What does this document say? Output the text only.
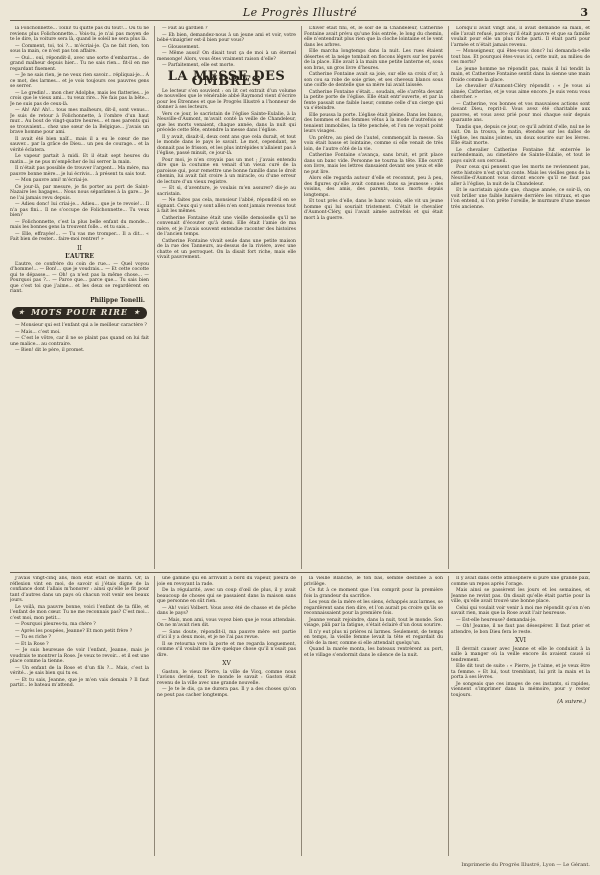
Le Progrès Illustré	3

la Folichonnette... Toini! tu quitte pas du tout!... Ou tu ne reviens plus Folichonnette... Vois-tu, je n’ai pas moyen de te le dire, la voiture sera là, quand le soleil ne sera plus là.

— Comment, toi, toi ?... m’écriai-je. Ça ne fait rien, ton sous la main, ce n’est pas ton affaire.

— Oui... oui, répondit-il, avec une sorte d’embarras... de grand malheur depuis hier... Tu ne sais rien... fit-il en me regardant fixement.

— Je ne sais rien, je ne veux rien savoir... répliquai-je... À ce mot, des larmes... et je vois toujours ces pauvres gens se serrer.

— Le gredin!... mon cher Adolphe, mais les flatteries... je crois que le vieux ami... tu veux rire... Ne fais pas la bête... Je ne suis pas de ceux-là.

— Ah! Ah! Ah!... tous mes malheurs, dit-il, sont venus... Je suis de retour à Folichonnette, à l’ombre d’un haut mur... Au bout de vingt-quatre heures... et mes parents qui se trouvaient... chez une sœur de la Belgique... j’avais un brave homme pour ami.

Il avait été bien naïf... mais il a eu le cœur de me sauver... par la grâce de Dieu... un peu de courage... et la vérité éclatera.

Le vapeur partait à midi. Et il était sept heures du matin... je ne pus m’empêcher de lui serrer la main.

Il n’était pas possible de trouver l’argent... Ma mère, ma pauvre bonne mère... je lui écrivis... à présent tu sais tout.

— Mon pauvre ami! m’écriai-je.

Ce jour-là, par mesure, je fis porter au port de Saint-Nazaire les bagages... Nous nous séparâmes à la gare... Je ne l’ai jamais revu depuis.

— Adieu donc! lui criai-je... Adieu... que je te revoie!... Il n’a pas fini... Il ne s’occupe de Folichonnette... Tu veux bien?

— Folichonnette, c’est la plus belle enfant du monde... mais les bonnes gens la trouvent folle... et tu sais...

— Elle, effrayée!... — Tu vas me tromper... Il a dit... « Fait bien de rester... faire-moi rentrer! »

II
L’AUTRE

L’autre, ce confrère du coin de rue... — Quel voyou d’homme!... — Bon!... que je voudrais... — Et cette cocotte qui te dépasse... — Oh! ça n’est pas la même chose... — Pourquoi pas ?... — Parce que... parce que... Tu sais bien que c’est toi que j’aime... et les deux se regardèrent en riant.

Philippe Tonelli.
★ MOTS POUR RIRE ★

— Monsieur qui est l’enfant qui a le meilleur caractère ?

— Mais... c’est moi.

— C’est le vôtre, car il ne se plaint pas quand on lui fait une malice... au contraire.

— Bien! dit le père, il promet.

— Fait au gardien ?

— Eh bien, demandez-nous à un jeune ami et voir, votre bébé-vinaigrier est-il bien pour vous?

— Gloussement.

— Même aussi! On disait tout ça de moi à un éternel mensonge! Alors, vous êtes vraiment raison d’elle?

— Parfaitement, elle est morte.

LA MESSE DES OMBRES

Le lecteur s’en souvient : on lit cet extrait d’un volume de nouvelles que le vénérable abbé Raymond vient d’écrire pour les Étrennes et que le Progrès Illustré a l’honneur de donner à ses lecteurs.

Vers ce jour, le sacristain de l’église Sainte-Eulalie, à la Neuville-d’Aumont, m’avait conté la veille de Chandeleur, que les morts venaient, chaque année, dans la nuit qui précède cette fête, entendre la messe dans l’église.

Il y avait, disait-il, deux cent ans que cela durait, et tout le monde dans le pays le savait. Le mot, cependant, ne donnait pas le frisson, et les plus intrépides n’allaient pas à l’église, passé minuit, ce jour-là.

Pour moi, je n’en croyais pas un mot ; j’avais entendu dire que la coutume en venait d’un vieux curé de la paroisse qui, pour remettre une bonne famille dans le droit chemin, lui avait fait croire à un miracle, ou d’une erreur de lecture d’un vieux registre.

— Et si, d’aventure, je voulais m’en assurer? dis-je au sacristain.

— Ne faites pas cela, monsieur l’abbé, répondit-il en se signant. Ceux qui y sont allés n’en sont jamais revenus tout à fait les mêmes.

Catherine Fontaine était une vieille demoiselle qu’il ne convenait d’écouter qu’à demi. Elle était l’amie de ma mère, et je l’avais souvent entendue raconter des histoires de l’ancien temps.

Catherine Fontaine vivait seule dans une petite maison de la rue des Tanneurs, au-dessus de la rivière, avec une chatte et un perroquet. On la disait fort riche, mais elle vivait pauvrement.

L’hiver était fini, et, le soir de la Chandeleur, Catherine Fontaine avait prévu qu’une fois entrée, le long du chemin, elle n’entendrait plus rien que la cloche lointaine et le vent dans les arbres.

Elle marcha longtemps dans la nuit. Les rues étaient désertes et la neige tombait en flocons légers sur les pavés de la place. Elle avait à la main une petite lanterne et, sous son bras, un gros livre d’heures.

Catherine Fontaine avait sa joie, sur elle sa croix d’or, à son cou sa robe de soie grise, et ses cheveux blancs sous une coiffe de dentelle que sa mère lui avait laissée.

Catherine Fontaine s’était... soudain, elle s’arrêta devant la petite porte de l’église. Elle était entr’ouverte, et par la fente passait une faible lueur, comme celle d’un cierge qui va s’éteindre.

Elle poussa la porte. L’église était pleine. Dans les bancs, des hommes et des femmes vêtus à la mode d’autrefois se tenaient immobiles, la tête penchée, et l’on ne voyait point leurs visages.

Un prêtre, au pied de l’autel, commençait la messe. Sa voix était basse et lointaine, comme si elle venait de très loin, de l’autre côté de la vie.

Catherine Fontaine s’avança, sans bruit, et prit place dans un banc vide. Personne ne tourna la tête. Elle ouvrit son livre, mais les lettres dansaient devant ses yeux et elle ne put lire.

Alors elle regarda autour d’elle et reconnut, peu à peu, des figures qu’elle avait connues dans sa jeunesse : des voisins, des amis, des parents, tous morts depuis longtemps.

Et tout près d’elle, dans le banc voisin, elle vit un jeune homme qui lui souriait tristement. C’était le chevalier d’Aumont-Cléry, qui l’avait aimée autrefois et qui était mort à la guerre.

Lorsqu’il avait vingt ans, il avait demandé sa main, et elle l’avait refusé, parce qu’il était pauvre et que sa famille voulait pour elle un plus riche parti. Il était parti pour l’armée et n’était jamais revenu.

— Monseigneur, qui êtes-vous donc? lui demanda-t-elle tout bas. Et pourquoi êtes-vous ici, cette nuit, au milieu de ces morts?

Le jeune homme ne répondit pas, mais il lui tendit la main, et Catherine Fontaine sentit dans la sienne une main froide comme la glace.

Le chevalier d’Aumont-Cléry répondit : « Je vous ai aimée, Catherine, et je vous aime encore. Je suis venu vous chercher. »

— Catherine, vos bonnes et vos mauvaises actions sont devant Dieu, reprit-il. Vous avez été charitable aux pauvres, et vous avez prié pour moi chaque soir depuis quarante ans.

Tandis que, depuis ce jour, ce qu’il advint d’elle, nul ne le sait. On la trouva, le matin, étendue sur les dalles de l’église, les mains jointes, un doux sourire sur les lèvres. Elle était morte.

Le chevalier Catherine Fontaine fut enterrée le surlendemain, au cimetière de Sainte-Eulalie, et tout le pays suivit son cercueil.

Pour ceux qui pensent que les morts ne reviennent pas, cette histoire n’est qu’un conte. Mais les vieilles gens de la Neuville-d’Aumont vous diront encore qu’il ne faut pas aller à l’église, la nuit de la Chandeleur.

Et le sacristain ajoute que, chaque année, ce soir-là, on voit briller une faible lumière derrière les vitraux, et que l’on entend, si l’on prête l’oreille, le murmure d’une messe très ancienne.

J’avais vingt-cinq ans, mon état était de marin. Or, la réflexion vint en moi, de savoir si j’étais digne de la confiance dont l’allais m’honorer : ainsi qu’elle le fit pour tant d’autres dans un pays où chacun voit venir ses beaux jours.

Le voilà, ma pauvre bonne, voici l’enfant de ta fille, et l’enfant de mon cœur. Tu ne me reconnais pas? C’est moi... c’est moi, mon petit...

— Pourquoi pleures-tu, ma chère ?

— Après les poupées, Jeanne? Et mon petit frère ?

— Tu es riche ?

— Et la Rose ?

— Je suis heureuse de voir l’enfant, Jeanne, mais je voudrais te montrer la Rose. Je veux te revoir... et il est une place comme la tienne.

— Un enfant de la Rose et d’un fils ?... Mais, c’est la vérité... je sais bien qui tu es.

— Et tu sais, Jeanne, que je m’en vais demain ? Il faut partir... le bateau m’attend.

une gamine qui en arrivant à bord du vapeur, pleura de joie en revoyant la rade.

De la régularité, avec un coup d’œil de plus, il y avait beaucoup de choses qui se passaient dans la maison sans que personne en sût rien.

— Ah! voici Volbert. Vous avez été de chasse et de pêche dans le pays?

— Mais, mon ami, vous voyez bien que je vous attendais. On ne m’avait rien dit.

— Sans doute, répondit-il, ma pauvre mère est partie d’ici il y a deux mois, et je ne l’ai pas revue.

Il se retourna vers la porte et me regarda longuement, comme s’il voulait me dire quelque chose qu’il n’osait pas dire.

XV

Gaston, le vieux Pierre, la ville de Vicq, comme nous l’avions deviné, tout le monde le savait : Gaston était revenu de la ville avec une grande nouvelle.

— Je te le dis, ça ne durera pas. Il y a des choses qu’on ne peut pas cacher longtemps.

la vieille Blanche, le ton bas, semble destinée à son privilège.

Ce fut à ce moment que l’on comprit pour la première fois la grandeur du sacrifice.

Les yeux de la mère et les siens, échappés aux larmes, se regardèrent sans rien dire, et l’on aurait pu croire qu’ils se reconnaissaient pour la première fois.

Jeanne venait rejoindre, dans la nuit, tout le monde. Son visage, pâli par la fatigue, s’était éclairé d’un doux sourire.

Il n’y eut plus ni prières ni larmes. Seulement, de temps en temps, la vieille femme levait la tête et regardait du côté de la mer, comme si elle attendait quelqu’un.

Quand la marée monta, les bateaux rentrèrent au port, et le village s’endormit dans le silence de la nuit.

Il y avait dans cette atmosphère si pure une grande paix, comme un repos après l’orage.

Mais ainsi se passèrent les jours et les semaines, et Jeanne ne revint pas. On disait qu’elle était partie pour la ville, qu’elle avait trouvé une bonne place.

Celui qui voulait voir venir à moi me répondit qu’on n’en savait rien, mais que la Rose avait l’air heureuse.

— Est-elle heureuse? demandai-je.

— Oh! Jeanne, il ne faut pas désespérer. Il faut prier et attendre, le bon Dieu fera le reste.

XVI

Il devrait causer avec Jeanne et elle le conduisit à la salle à manger où la veille encore ils avaient causé si tendrement.

Elle dit tout de suite : « Pierre, je t’aime, et je veux être ta femme. » Et lui, tout tremblant, lui prit la main et la porta à ses lèvres.

Je songeais que ces images de ces instants, si rapides, viennent s’imprimer dans la mémoire, pour y rester toujours.

(A suivre.)
Imprimerie du Progrès Illustré, Lyon — Le Gérant.
